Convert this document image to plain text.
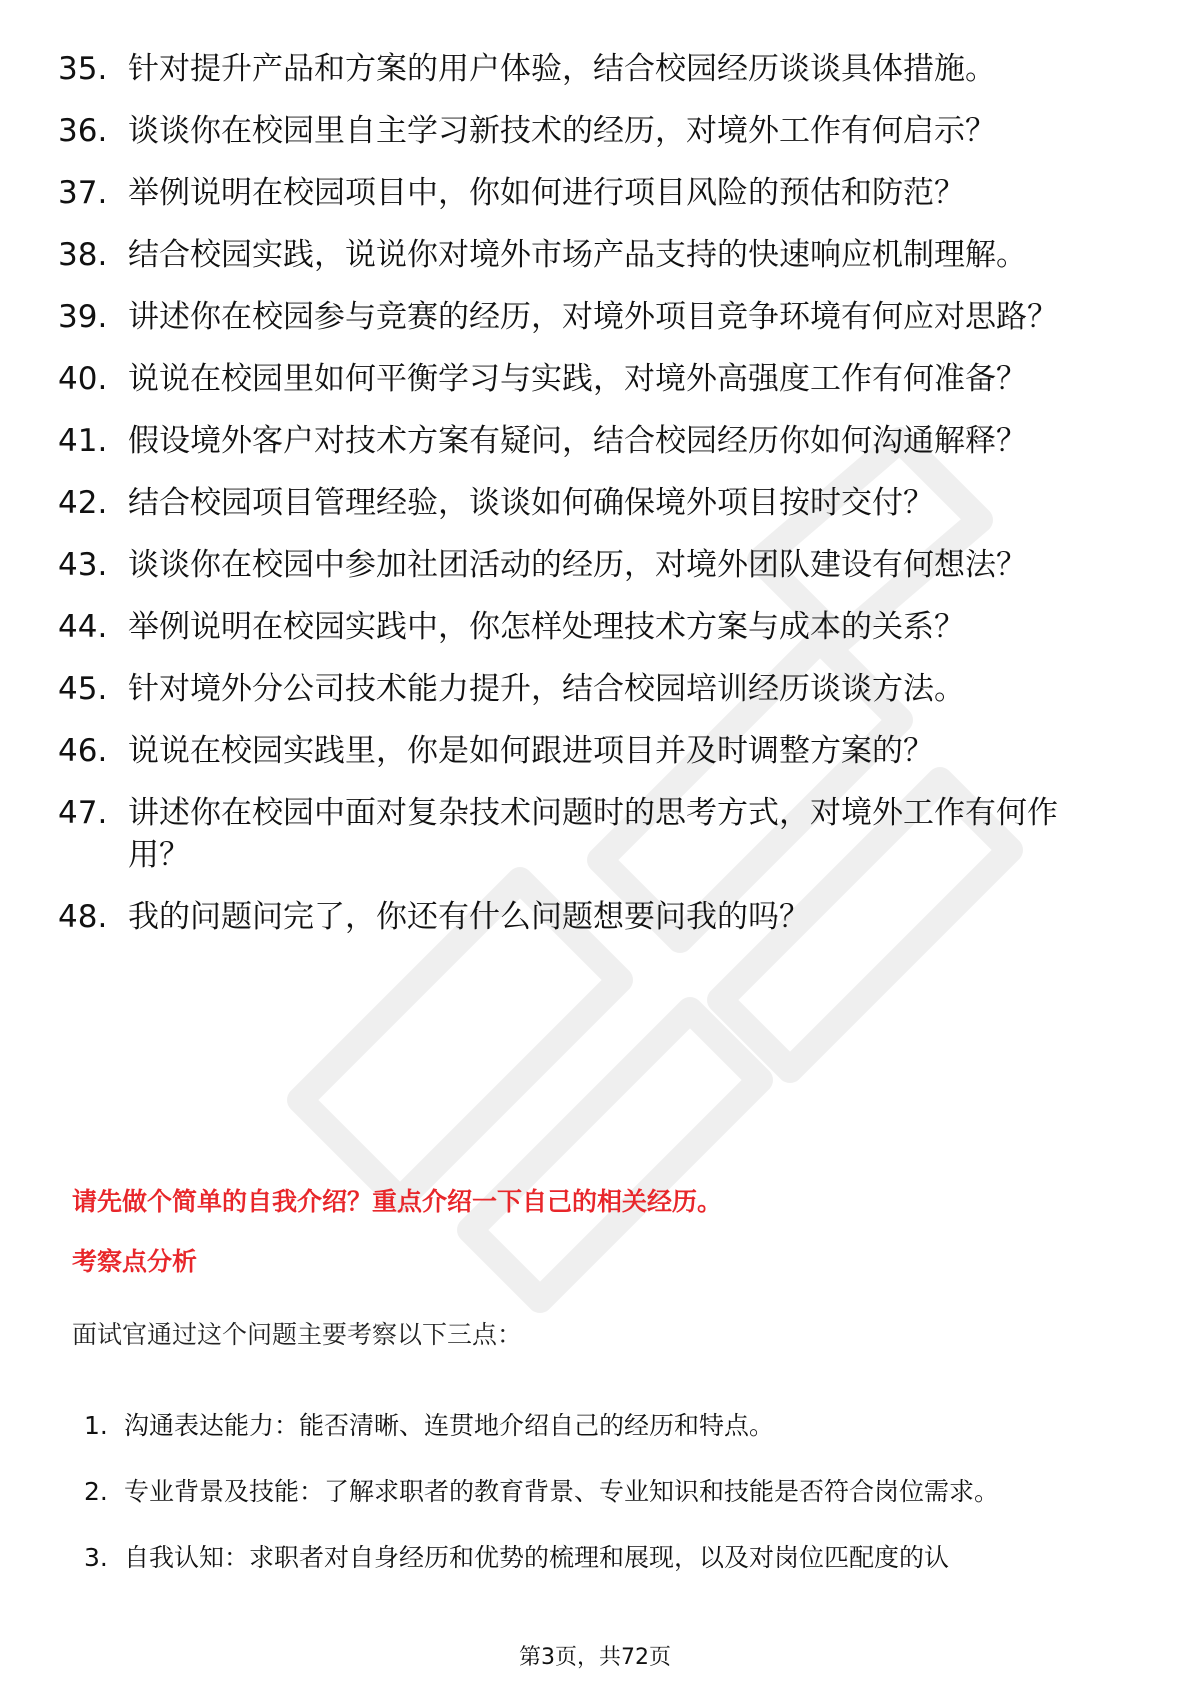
35. 针对提升产品和方案的用户体验，结合校园经历谈谈具体措施。
36. 谈谈你在校园里自主学习新技术的经历，对境外工作有何启示？
37. 举例说明在校园项目中，你如何进行项目风险的预估和防范？
38. 结合校园实践，说说你对境外市场产品支持的快速响应机制理解。
39. 讲述你在校园参与竞赛的经历，对境外项目竞争环境有何应对思路？
40. 说说在校园里如何平衡学习与实践，对境外高强度工作有何准备？
41. 假设境外客户对技术方案有疑问，结合校园经历你如何沟通解释？
42. 结合校园项目管理经验，谈谈如何确保境外项目按时交付？
43. 谈谈你在校园中参加社团活动的经历，对境外团队建设有何想法？
44. 举例说明在校园实践中，你怎样处理技术方案与成本的关系？
45. 针对境外分公司技术能力提升，结合校园培训经历谈谈方法。
46. 说说在校园实践里，你是如何跟进项目并及时调整方案的？
47. 讲述你在校园中面对复杂技术问题时的思考方式，对境外工作有何作用？
48. 我的问题问完了，你还有什么问题想要问我的吗？
请先做个简单的自我介绍？重点介绍一下自己的相关经历。
考察点分析
面试官通过这个问题主要考察以下三点：
1. 沟通表达能力：能否清晰、连贯地介绍自己的经历和特点。
2. 专业背景及技能：了解求职者的教育背景、专业知识和技能是否符合岗位需求。
3. 自我认知：求职者对自身经历和优势的梳理和展现，以及对岗位匹配度的认
第3页，共72页
